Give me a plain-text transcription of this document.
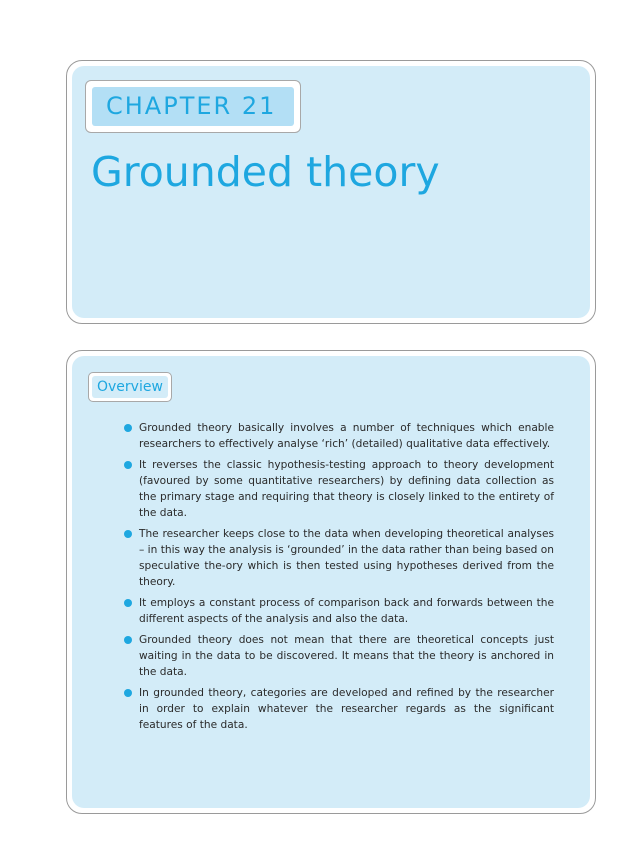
CHAPTER 21
Grounded theory
Overview
Grounded theory basically involves a number of techniques which enable researchers to effectively analyse ‘rich’ (detailed) qualitative data effectively.
It reverses the classic hypothesis-testing approach to theory development (favoured by some quantitative researchers) by defining data collection as the primary stage and requiring that theory is closely linked to the entirety of the data.
The researcher keeps close to the data when developing theoretical analyses – in this way the analysis is ‘grounded’ in the data rather than being based on speculative the-ory which is then tested using hypotheses derived from the theory.
It employs a constant process of comparison back and forwards between the different aspects of the analysis and also the data.
Grounded theory does not mean that there are theoretical concepts just waiting in the data to be discovered. It means that the theory is anchored in the data.
In grounded theory, categories are developed and refined by the researcher in order to explain whatever the researcher regards as the significant features of the data.
